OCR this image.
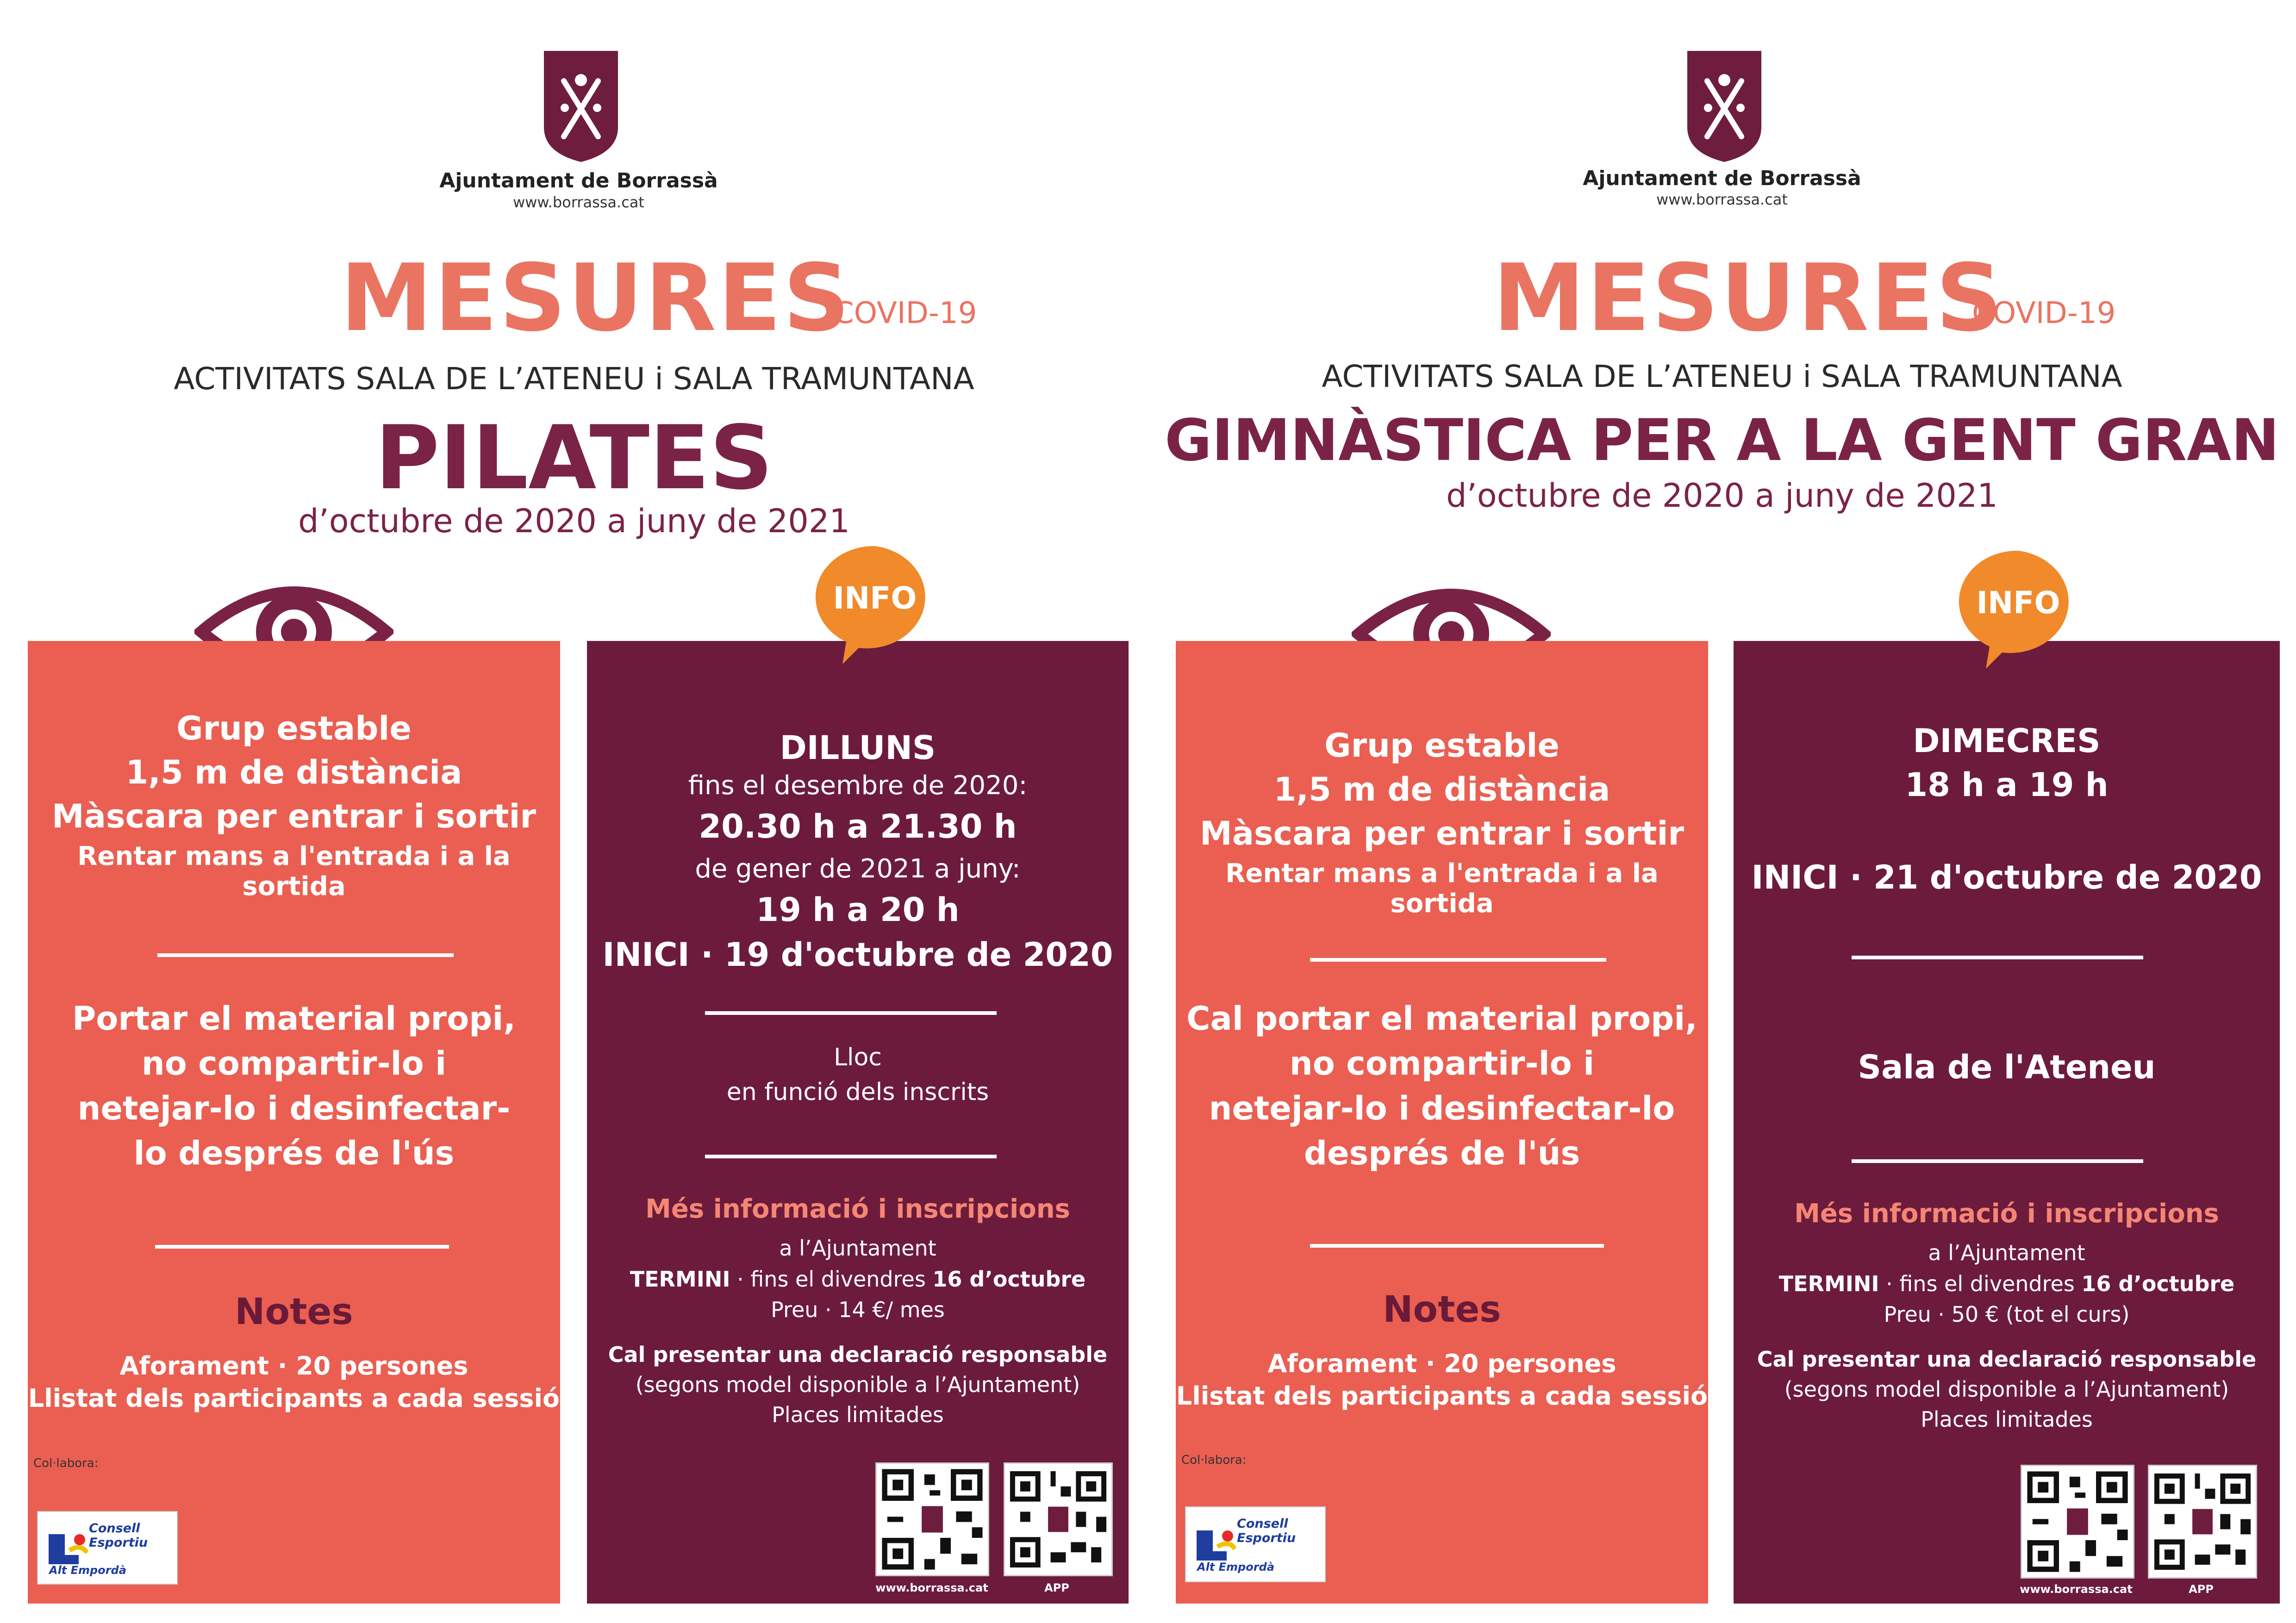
Ajuntament de Borrassà
www.borrassa.cat
MESURES
COVID-19
ACTIVITATS SALA DE L’ATENEU i SALA TRAMUNTANA
PILATES
d’octubre de 2020 a juny de 2021
Grup estable
1,5 m de distància
Màscara per entrar i sortir
Rentar mans a l'entrada i a la sortida
Portar el material propi,
no compartir-lo i
netejar-lo i desinfectar-
lo després de l'ús
Notes
Aforament · 20 persones
Llistat dels participants a cada sessió
Col·labora:
Consell Esportiu
Alt Empordà
DILLUNS
fins el desembre de 2020:
20.30 h a 21.30 h
de gener de 2021 a juny:
19 h a 20 h
INICI · 19 d'octubre de 2020
Lloc
en funció dels inscrits
Més informació i inscripcions
a l’Ajuntament
TERMINI · fins el divendres 16 d’octubre
Preu · 14 €/ mes
Cal presentar una declaració responsable
(segons model disponible a l’Ajuntament)
Places limitades
www.borrassa.cat	APP
INFO
Ajuntament de Borrassà
www.borrassa.cat
MESURES
COVID-19
ACTIVITATS SALA DE L’ATENEU i SALA TRAMUNTANA
GIMNÀSTICA PER A LA GENT GRAN
d’octubre de 2020 a juny de 2021
Grup estable
1,5 m de distància
Màscara per entrar i sortir
Rentar mans a l'entrada i a la sortida
Cal portar el material propi,
no compartir-lo i
netejar-lo i desinfectar-lo
després de l'ús
Notes
Aforament · 20 persones
Llistat dels participants a cada sessió
Col·labora:
Consell Esportiu
Alt Empordà
DIMECRES
18 h a 19 h
INICI · 21 d'octubre de 2020
Sala de l'Ateneu
Més informació i inscripcions
a l’Ajuntament
TERMINI · fins el divendres 16 d’octubre
Preu · 50 € (tot el curs)
Cal presentar una declaració responsable
(segons model disponible a l’Ajuntament)
Places limitades
www.borrassa.cat	APP
INFO
